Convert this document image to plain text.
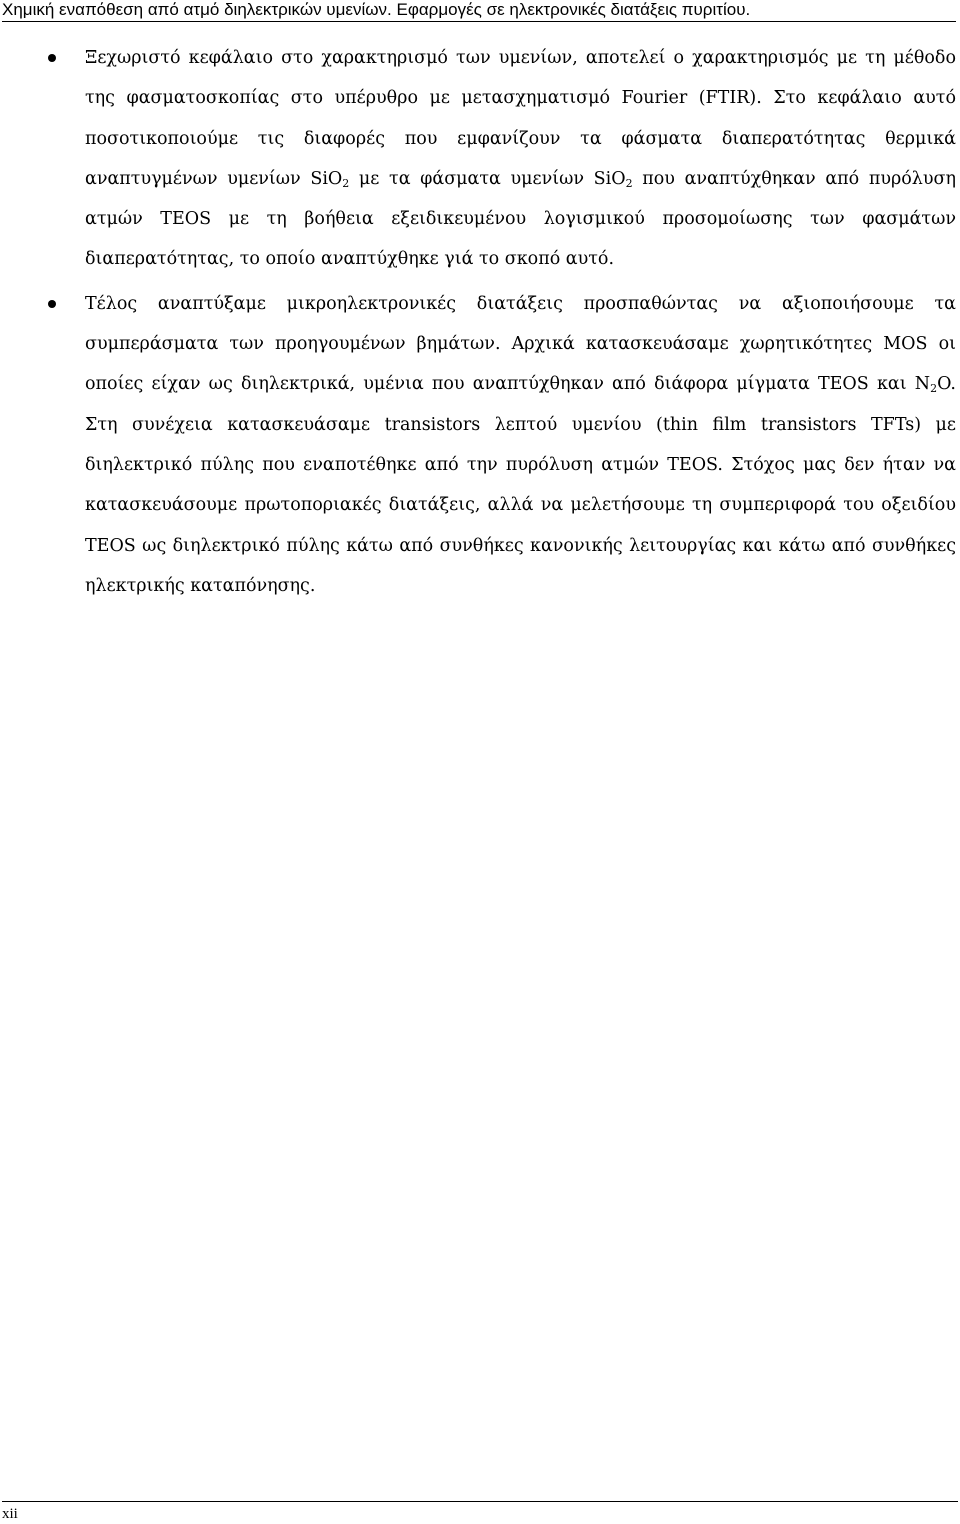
Χημική εναπόθεση από ατμό διηλεκτρικών υμενίων. Εφαρμογές σε ηλεκτρονικές διατάξεις πυριτίου.
Ξεχωριστό κεφάλαιο στο χαρακτηρισμό των υμενίων, αποτελεί ο χαρακτηρισμός με τη μέθοδο της φασματοσκοπίας στο υπέρυθρο με μετασχηματισμό Fourier (FTIR). Στο κεφάλαιο αυτό ποσοτικοποιούμε τις διαφορές που εμφανίζουν τα φάσματα διαπερατότητας θερμικά αναπτυγμένων υμενίων SiO$_2$ με τα φάσματα υμενίων SiO$_2$ που αναπτύχθηκαν από πυρόλυση ατμών TEOS με τη βοήθεια εξειδικευμένου λογισμικού προσομοίωσης των φασμάτων διαπερατότητας, το οποίο αναπτύχθηκε γιά το σκοπό αυτό.
Τέλος αναπτύξαμε μικροηλεκτρονικές διατάξεις προσπαθώντας να αξιοποιήσουμε τα συμπεράσματα των προηγουμένων βημάτων. Αρχικά κατασκευάσαμε χωρητικότητες MOS οι οποίες είχαν ως διηλεκτρικά, υμένια που αναπτύχθηκαν από διάφορα μίγματα TEOS και $N_2O$. Στη συνέχεια κατασκευάσαμε transistors λεπτού υμενίου (thin film transistors TFTs) με διηλεκτρικό πύλης που εναποτέθηκε από την πυρόλυση ατμών TEOS. Στόχος μας δεν ήταν να κατασκευάσουμε πρωτοποριακές διατάξεις, αλλά να μελετήσουμε τη συμπεριφορά του οξειδίου TEOS ως διηλεκτρικό πύλης κάτω από συνθήκες κανονικής λειτουργίας και κάτω από συνθήκες ηλεκτρικής καταπόνησης.
xii
